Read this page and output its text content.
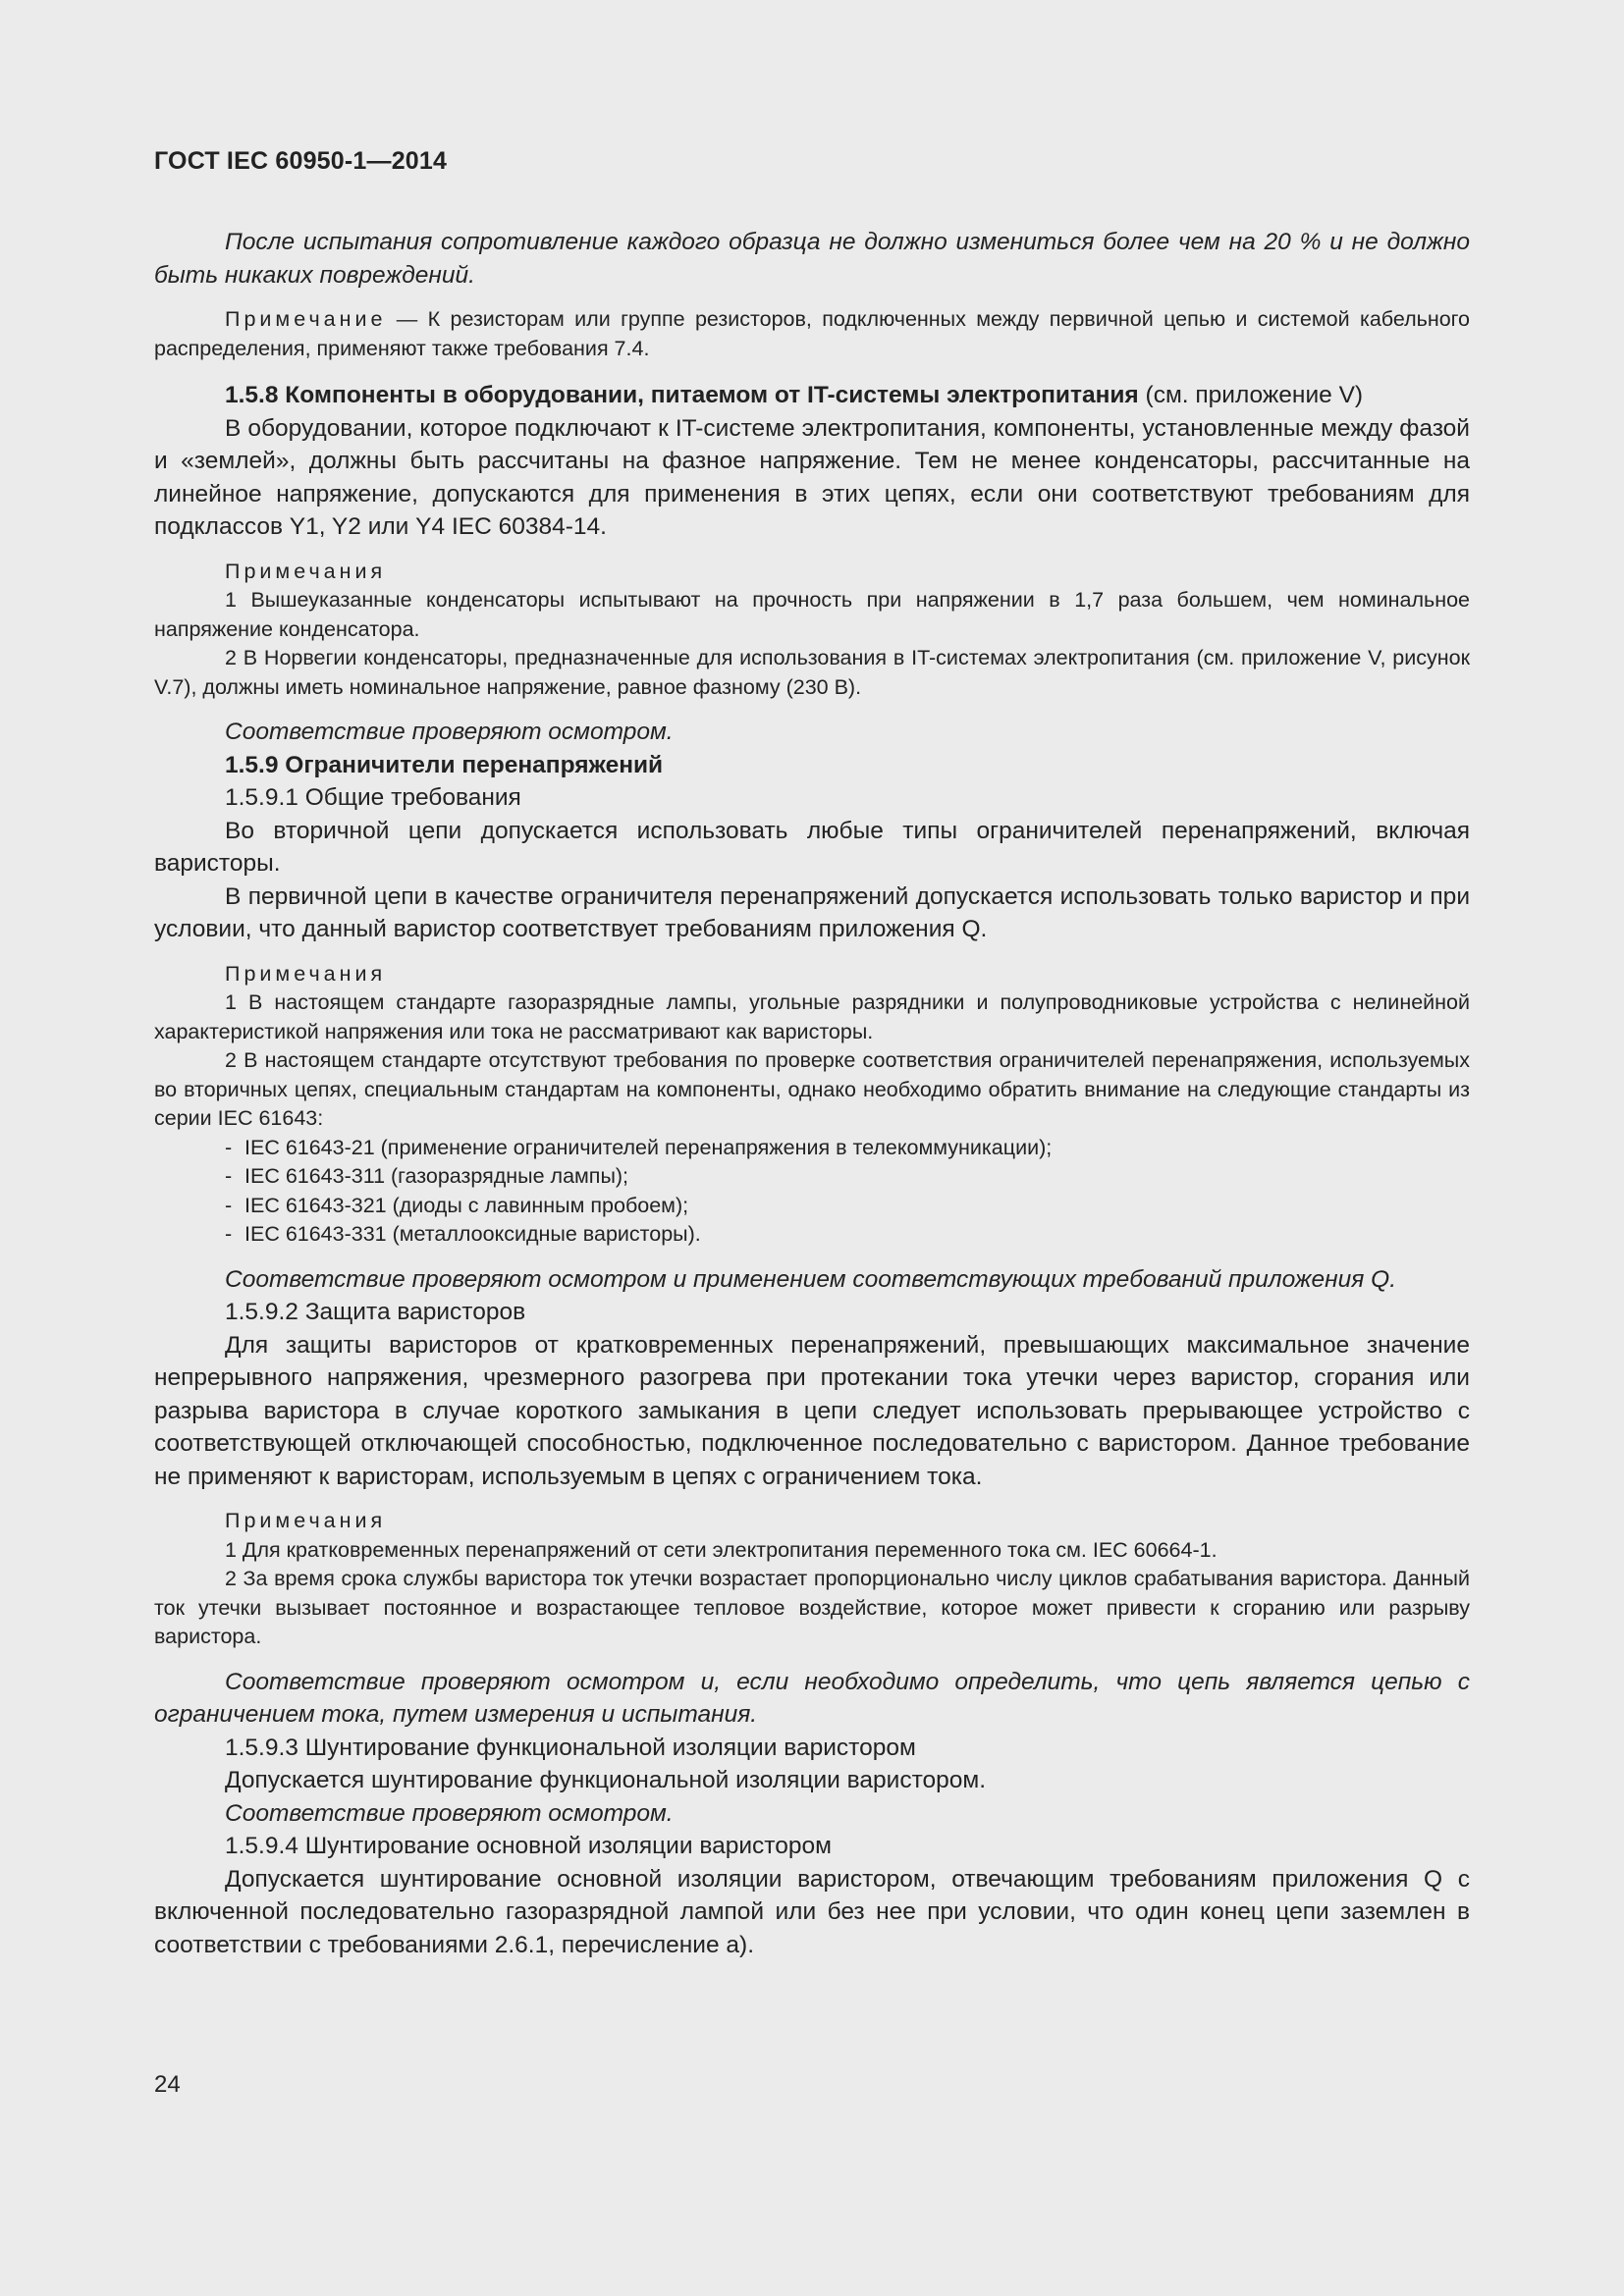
ГОСТ IEC 60950-1—2014

После испытания сопротивление каждого образца не должно измениться более чем на 20 % и не должно быть никаких повреждений.

Примечание — К резисторам или группе резисторов, подключенных между первичной цепью и системой кабельного распределения, применяют также требования 7.4.

1.5.8 Компоненты в оборудовании, питаемом от IT-системы электропитания (см. приложение V)

В оборудовании, которое подключают к IT-системе электропитания, компоненты, установленные между фазой и «землей», должны быть рассчитаны на фазное напряжение. Тем не менее конденсаторы, рассчитанные на линейное напряжение, допускаются для применения в этих цепях, если они соответствуют требованиям для подклассов Y1, Y2 или Y4 IEC 60384-14.

Примечания

1 Вышеуказанные конденсаторы испытывают на прочность при напряжении в 1,7 раза большем, чем номинальное напряжение конденсатора.

2 В Норвегии конденсаторы, предназначенные для использования в IT-системах электропитания (см. приложение V, рисунок V.7), должны иметь номинальное напряжение, равное фазному (230 В).

Соответствие проверяют осмотром.

1.5.9 Ограничители перенапряжений

1.5.9.1 Общие требования

Во вторичной цепи допускается использовать любые типы ограничителей перенапряжений, включая варисторы.

В первичной цепи в качестве ограничителя перенапряжений допускается использовать только варистор и при условии, что данный варистор соответствует требованиям приложения Q.

Примечания

1 В настоящем стандарте газоразрядные лампы, угольные разрядники и полупроводниковые устройства с нелинейной характеристикой напряжения или тока не рассматривают как варисторы.

2 В настоящем стандарте отсутствуют требования по проверке соответствия ограничителей перенапряжения, используемых во вторичных цепях, специальным стандартам на компоненты, однако необходимо обратить внимание на следующие стандарты из серии IEC 61643:

- IEC 61643-21 (применение ограничителей перенапряжения в телекоммуникации);
- IEC 61643-311 (газоразрядные лампы);
- IEC 61643-321 (диоды с лавинным пробоем);
- IEC 61643-331 (металлооксидные варисторы).

Соответствие проверяют осмотром и применением соответствующих требований приложения Q.

1.5.9.2 Защита варисторов

Для защиты варисторов от кратковременных перенапряжений, превышающих максимальное значение непрерывного напряжения, чрезмерного разогрева при протекании тока утечки через варистор, сгорания или разрыва варистора в случае короткого замыкания в цепи следует использовать прерывающее устройство с соответствующей отключающей способностью, подключенное последовательно с варистором. Данное требование не применяют к варисторам, используемым в цепях с ограничением тока.

Примечания

1 Для кратковременных перенапряжений от сети электропитания переменного тока см. IEC 60664-1.

2 За время срока службы варистора ток утечки возрастает пропорционально числу циклов срабатывания варистора. Данный ток утечки вызывает постоянное и возрастающее тепловое воздействие, которое может привести к сгоранию или разрыву варистора.

Соответствие проверяют осмотром и, если необходимо определить, что цепь является цепью с ограничением тока, путем измерения и испытания.

1.5.9.3 Шунтирование функциональной изоляции варистором

Допускается шунтирование функциональной изоляции варистором.

Соответствие проверяют осмотром.

1.5.9.4 Шунтирование основной изоляции варистором

Допускается шунтирование основной изоляции варистором, отвечающим требованиям приложения Q с включенной последовательно газоразрядной лампой или без нее при условии, что один конец цепи заземлен в соответствии с требованиями 2.6.1, перечисление а).

24
